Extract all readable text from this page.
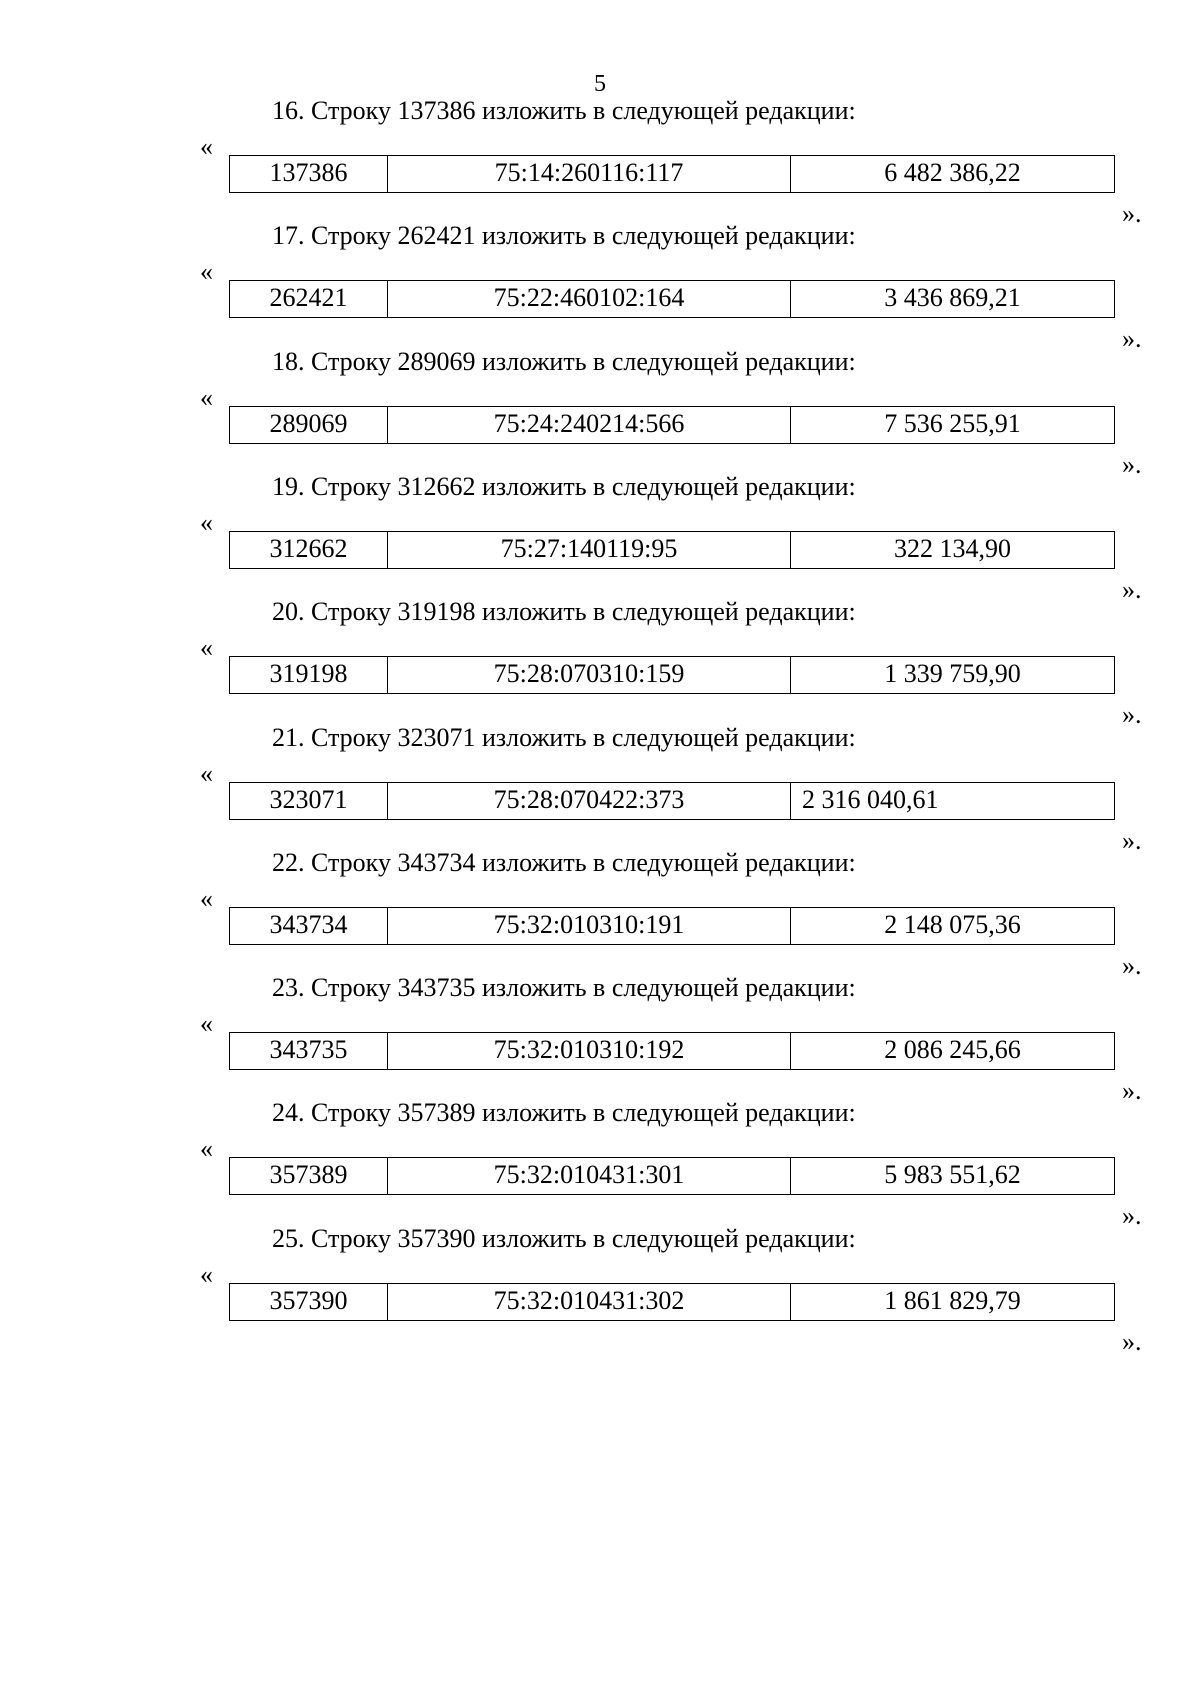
5
16. Строку 137386 изложить в следующей редакции:
«
137386	75:14:260116:117	6 482 386,22
».
17. Строку 262421 изложить в следующей редакции:
«
262421	75:22:460102:164	3 436 869,21
».
18. Строку 289069 изложить в следующей редакции:
«
289069	75:24:240214:566	7 536 255,91
».
19. Строку 312662 изложить в следующей редакции:
«
312662	75:27:140119:95	322 134,90
».
20. Строку 319198 изложить в следующей редакции:
«
319198	75:28:070310:159	1 339 759,90
».
21. Строку 323071 изложить в следующей редакции:
«
323071	75:28:070422:373	2 316 040,61
».
22. Строку 343734 изложить в следующей редакции:
«
343734	75:32:010310:191	2 148 075,36
».
23. Строку 343735 изложить в следующей редакции:
«
343735	75:32:010310:192	2 086 245,66
».
24. Строку 357389 изложить в следующей редакции:
«
357389	75:32:010431:301	5 983 551,62
».
25. Строку 357390 изложить в следующей редакции:
«
357390	75:32:010431:302	1 861 829,79
».
